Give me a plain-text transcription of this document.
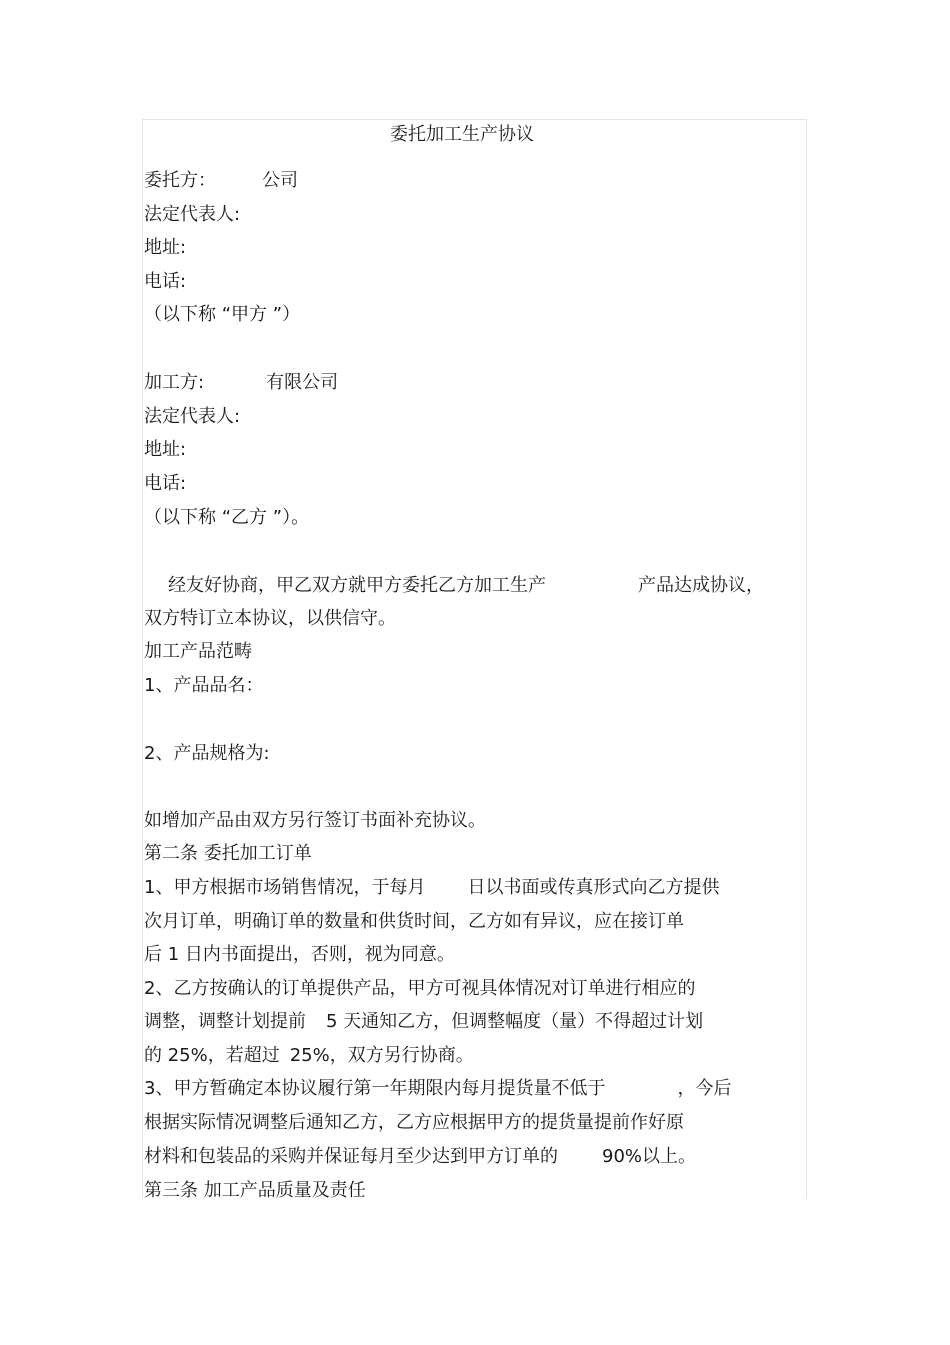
委托加工生产协议
委托方：	公司
法定代表人:
地址:
电话:
（以下称 “甲方 ”）
加工方:	有限公司
法定代表人:
地址:
电话:
（以下称 “乙方 ”）。
经友好协商，甲乙双方就甲方委托乙方加工生产	产品达成协议，
双方特订立本协议，以供信守。
加工产品范畴
1、产品品名：
2、产品规格为:
如增加产品由双方另行签订书面补充协议。
第二条 委托加工订单
1、甲方根据市场销售情况，于每月 日以书面或传真形式向乙方提供
次月订单，明确订单的数量和供货时间，乙方如有异议，应在接订单
后 1 日内书面提出，否则，视为同意。
2、乙方按确认的订单提供产品，甲方可视具体情况对订单进行相应的
调整，调整计划提前 5 天通知乙方，但调整幅度（量）不得超过计划
的 25%，若超过 25%，双方另行协商。
3、甲方暂确定本协议履行第一年期限内每月提货量不低于	，今后
根据实际情况调整后通知乙方，乙方应根据甲方的提货量提前作好原
材料和包装品的采购并保证每月至少达到甲方订单的 90%以上。
第三条 加工产品质量及责任
